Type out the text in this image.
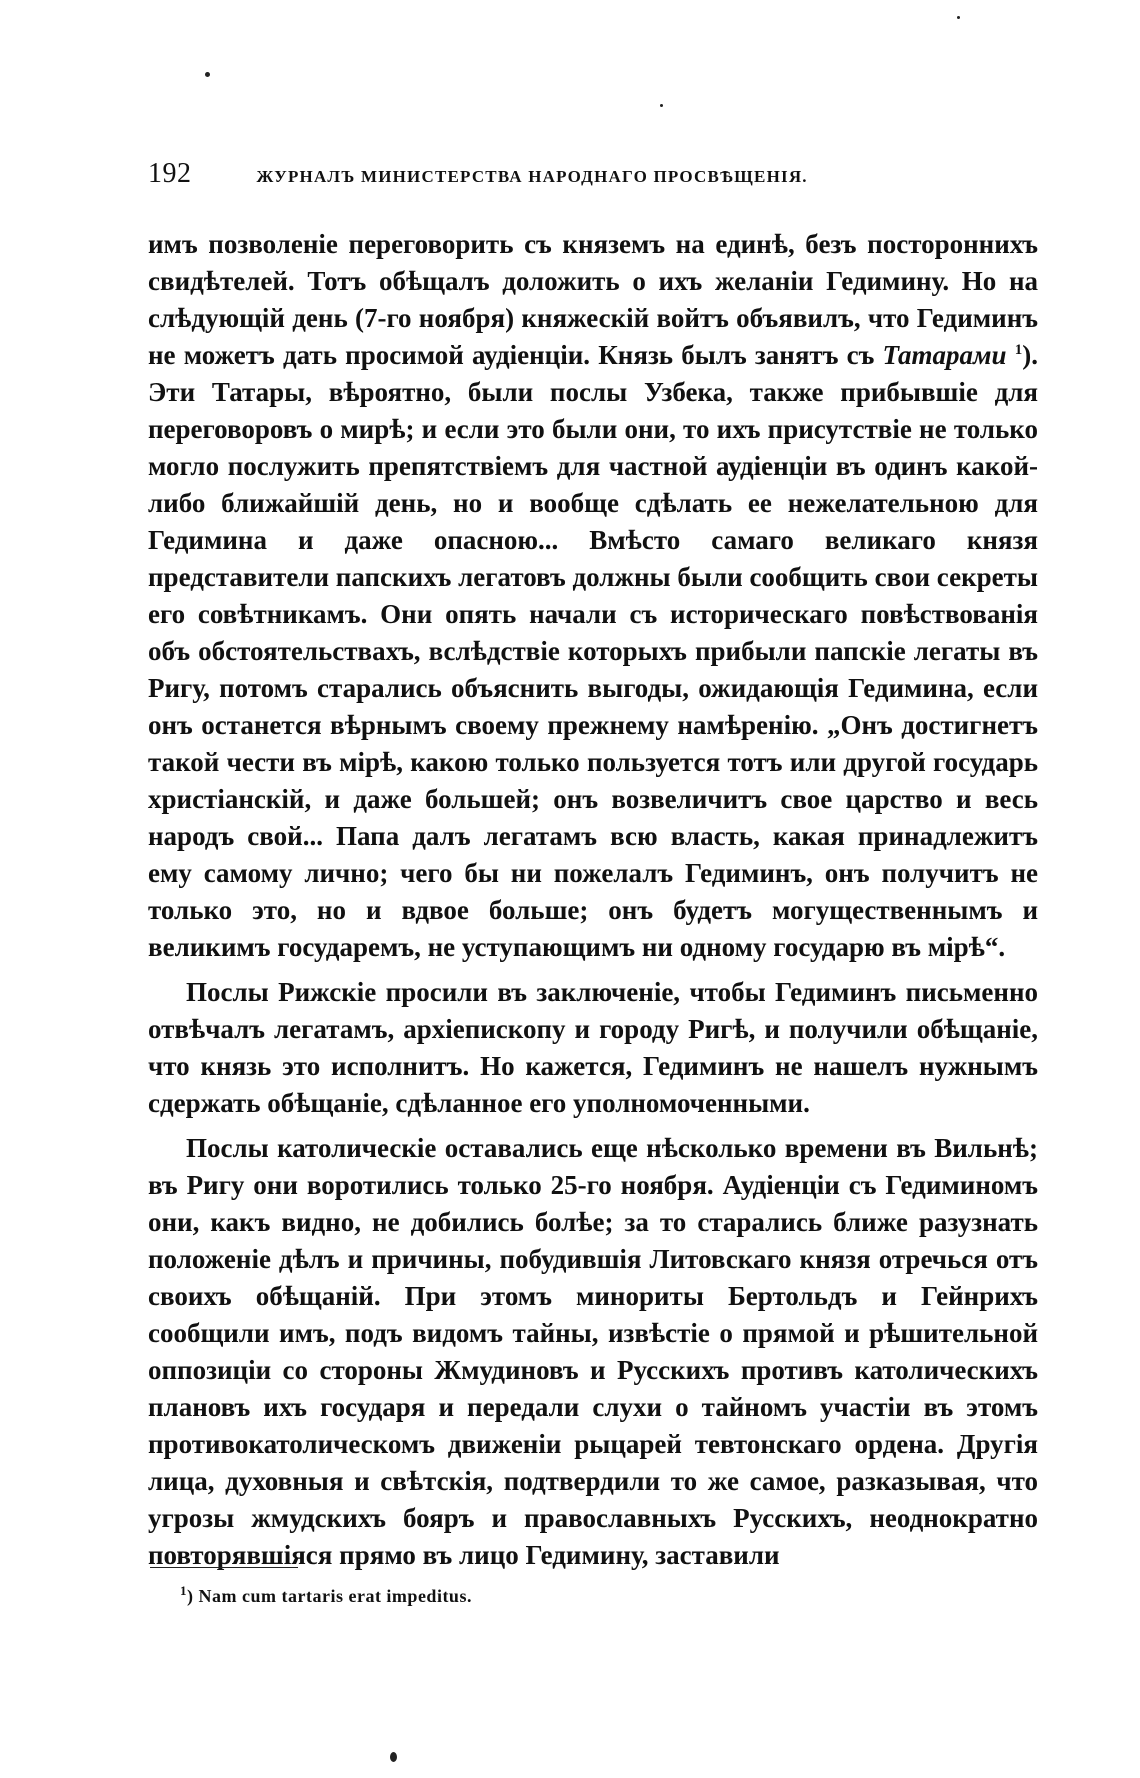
192	ЖУРНАЛЪ МИНИСТЕРСТВА НАРОДНАГО ПРОСВѢЩЕНІЯ.

имъ позволеніе переговорить съ княземъ на единѣ, безъ постороннихъ свидѣтелей. Тотъ обѣщалъ доложить о ихъ желаніи Гедимину. Но на слѣдующій день (7-го ноября) княжескій войтъ объявилъ, что Гедиминъ не можетъ дать просимой аудіенціи. Князь былъ занятъ съ Татарами $^1$). Эти Татары, вѣроятно, были послы Узбека, также прибывшіе для переговоровъ о мирѣ; и если это были они, то ихъ присутствіе не только могло послужить препятствіемъ для частной аудіенціи въ одинъ какой-либо ближайшій день, но и вообще сдѣлать ее нежелательною для Гедимина и даже опасною... Вмѣсто самаго великаго князя представители папскихъ легатовъ должны были сообщить свои секреты его совѣтникамъ. Они опять начали съ историческаго повѣствованія объ обстоятельствахъ, вслѣдствіе которыхъ прибыли папскіе легаты въ Ригу, потомъ старались объяснить выгоды, ожидающія Гедимина, если онъ останется вѣрнымъ своему прежнему намѣренію. „Онъ достигнетъ такой чести въ мірѣ, какою только пользуется тотъ или другой государь христіанскій, и даже большей; онъ возвеличитъ свое царство и весь народъ свой... Папа далъ легатамъ всю власть, какая принадлежитъ ему самому лично; чего бы ни пожелалъ Гедиминъ, онъ получитъ не только это, но и вдвое больше; онъ будетъ могущественнымъ и великимъ государемъ, не уступающимъ ни одному государю въ мірѣ“.

Послы Рижскіе просили въ заключеніе, чтобы Гедиминъ письменно отвѣчалъ легатамъ, архіепископу и городу Ригѣ, и получили обѣщаніе, что князь это исполнитъ. Но кажется, Гедиминъ не нашелъ нужнымъ сдержать обѣщаніе, сдѣланное его уполномоченными.

Послы католическіе оставались еще нѣсколько времени въ Вильнѣ; въ Ригу они воротились только 25-го ноября. Аудіенціи съ Гедиминомъ они, какъ видно, не добились болѣе; за то старались ближе разузнать положеніе дѣлъ и причины, побудившія Литовскаго князя отречься отъ своихъ обѣщаній. При этомъ минориты Бертольдъ и Гейнрихъ сообщили имъ, подъ видомъ тайны, извѣстіе о прямой и рѣшительной оппозиціи со стороны Жмудиновъ и Русскихъ противъ католическихъ плановъ ихъ государя и передали слухи о тайномъ участіи въ этомъ противокатолическомъ движеніи рыцарей тевтонскаго ордена. Другія лица, духовныя и свѣтскія, подтвердили то же самое, разказывая, что угрозы жмудскихъ бояръ и православныхъ Русскихъ, неоднократно повторявшіяся прямо въ лицо Гедимину, заставили

$^1$) Nam cum tartaris erat impeditus.
